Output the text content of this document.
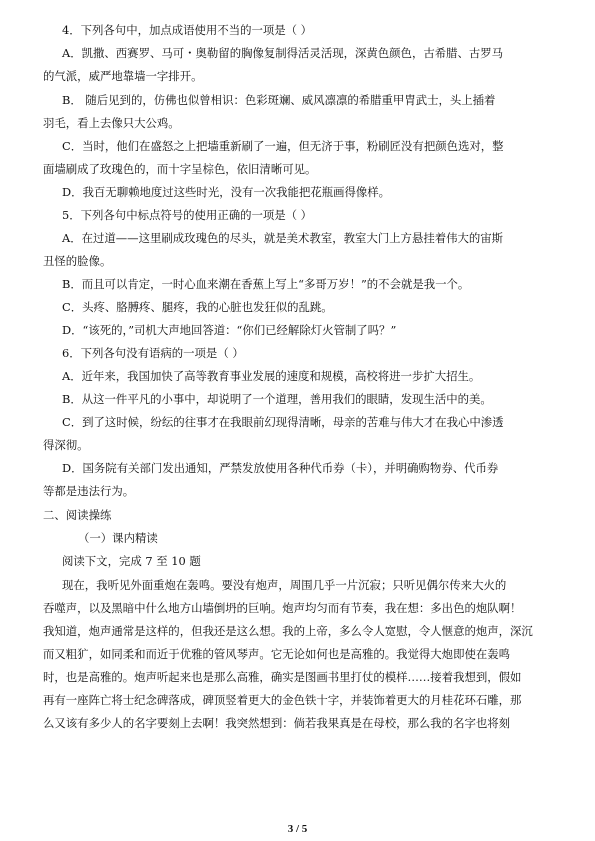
4．下列各句中，加点成语使用不当的一项是（ ）
A．凯撒、西赛罗、马可・奥勒留的胸像复制得活灵活现，深黄色颜色，古希腊、古罗马
的气派，威严地靠墙一字排开。
B． 随后见到的，仿佛也似曾相识：色彩斑斓、威风凛凛的希腊重甲胄武士，头上插着
羽毛，看上去像只大公鸡。
C．当时，他们在盛怒之上把墙重新刷了一遍，但无济于事，粉刷匠没有把颜色选对，整
面墙刷成了玫瑰色的，而十字呈棕色，依旧清晰可见。
D．我百无聊赖地度过这些时光，没有一次我能把花瓶画得像样。
5．下列各句中标点符号的使用正确的一项是（ ）
A．在过道——这里刷成玫瑰色的尽头，就是美术教室，教室大门上方悬挂着伟大的宙斯
丑怪的脸像。
B．而且可以肯定，一时心血来潮在香蕉上写上“多哥万岁！”的不会就是我一个。
C．头疼、胳膊疼、腿疼，我的心脏也发狂似的乱跳。
D．“该死的，”司机大声地回答道：“你们已经解除灯火管制了吗？”
6．下列各句没有语病的一项是（ ）
A．近年来，我国加快了高等教育事业发展的速度和规模，高校将进一步扩大招生。
B．从这一件平凡的小事中，却说明了一个道理，善用我们的眼睛，发现生活中的美。
C．到了这时候，纷纭的往事才在我眼前幻现得清晰，母亲的苦难与伟大才在我心中渗透
得深彻。
D．国务院有关部门发出通知，严禁发放使用各种代币券（卡），并明确购物券、代币券
等都是违法行为。
二、阅读操练
（一）课内精读
阅读下文，完成 7 至 10 题
现在，我听见外面重炮在轰鸣。要没有炮声，周围几乎一片沉寂；只听见偶尔传来大火的
吞噬声，以及黑暗中什么地方山墙倒坍的巨响。炮声均匀而有节奏，我在想：多出色的炮队啊！
我知道，炮声通常是这样的，但我还是这么想。我的上帝，多么令人宽慰，令人惬意的炮声，深沉
而又粗犷，如同柔和而近于优雅的管风琴声。它无论如何也是高雅的。我觉得大炮即使在轰鸣
时，也是高雅的。炮声听起来也是那么高雅，确实是图画书里打仗的模样……接着我想到，假如
再有一座阵亡将士纪念碑落成，碑顶竖着更大的金色铁十字，并装饰着更大的月桂花环石雕，那
么又该有多少人的名字要刻上去啊！我突然想到：倘若我果真是在母校，那么我的名字也将刻
3 / 5
